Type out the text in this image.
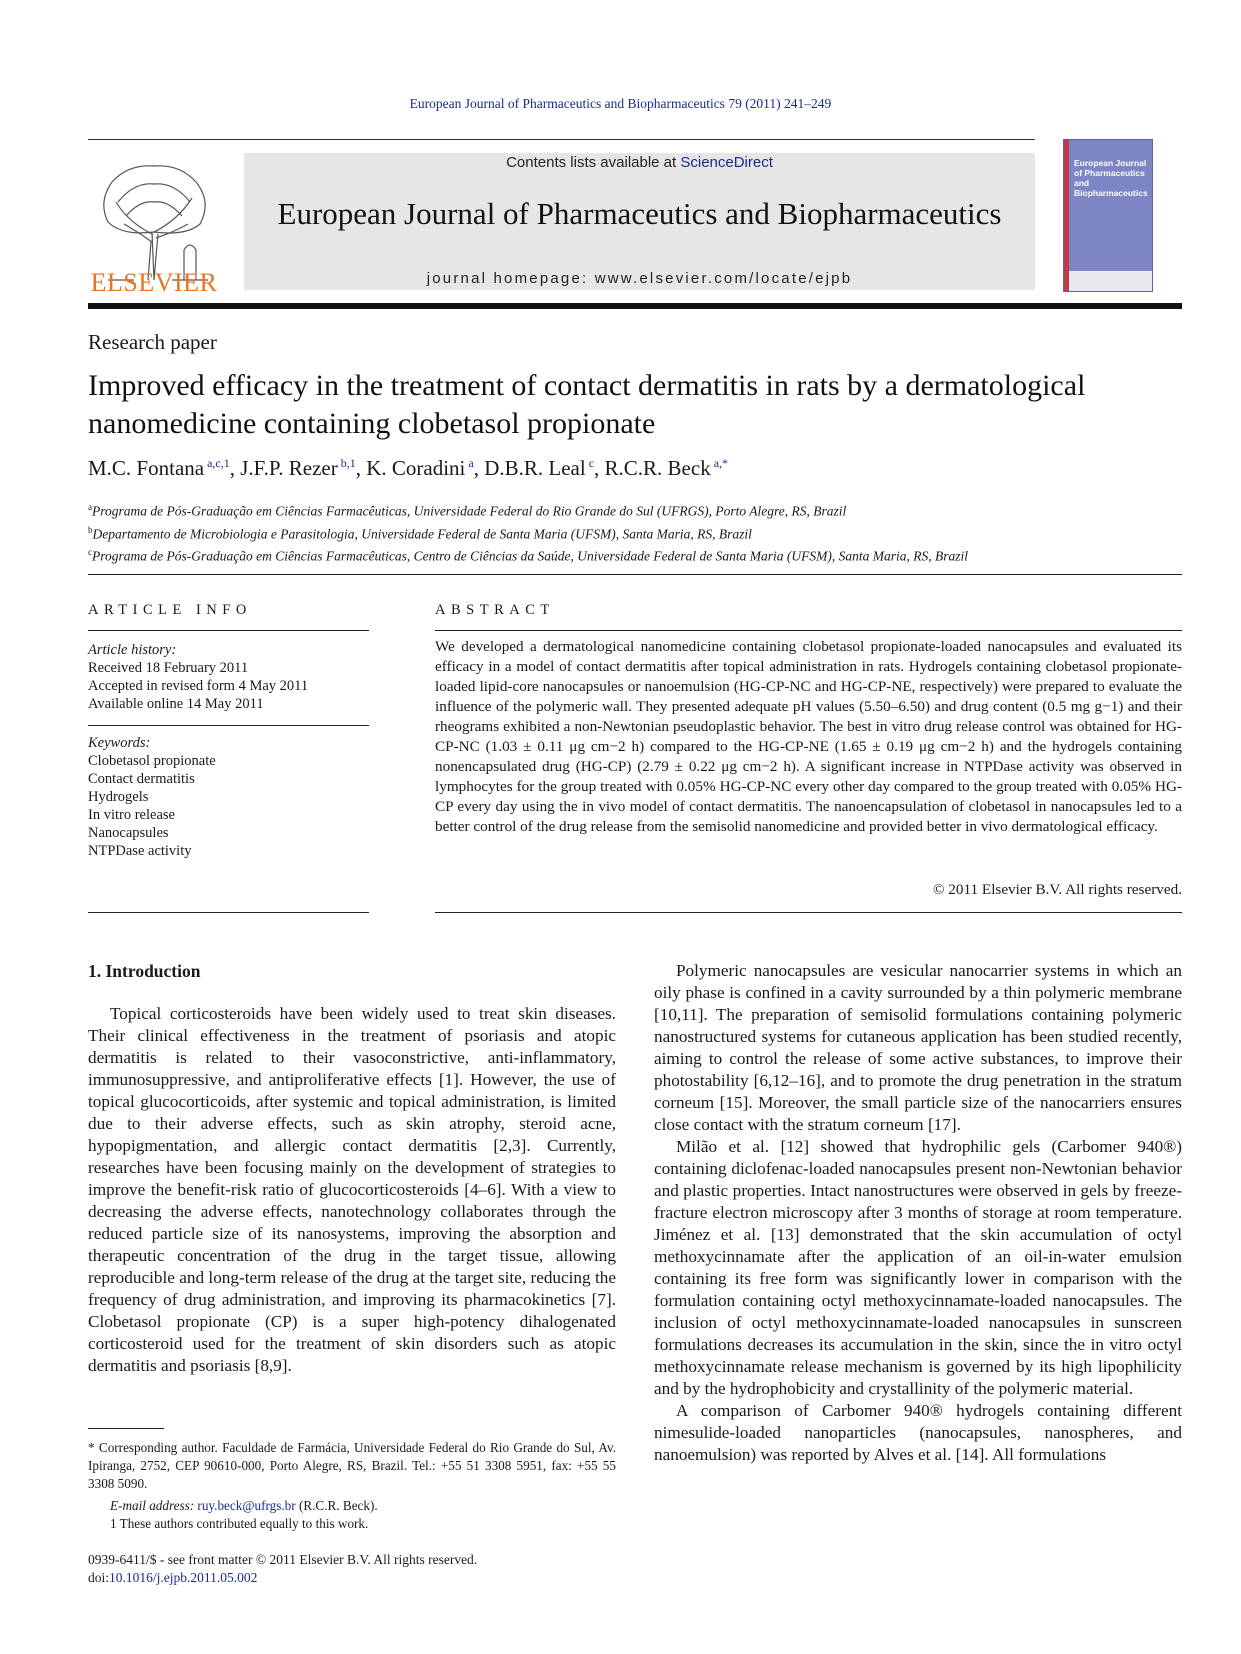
European Journal of Pharmaceutics and Biopharmaceutics 79 (2011) 241–249
ELSEVIER
Contents lists available at ScienceDirect
European Journal of Pharmaceutics and Biopharmaceutics
journal homepage: www.elsevier.com/locate/ejpb
European Journal of Pharmaceutics and Biopharmaceutics
Research paper
Improved efficacy in the treatment of contact dermatitis in rats by a dermatological nanomedicine containing clobetasol propionate
M.C. Fontana $^{a,c,1}$, J.F.P. Rezer $^{b,1}$, K. Coradini $^a$, D.B.R. Leal $^c$, R.C.R. Beck $^{a,*}$
$^a$Programa de Pós-Graduação em Ciências Farmacêuticas, Universidade Federal do Rio Grande do Sul (UFRGS), Porto Alegre, RS, Brazil
$^b$Departamento de Microbiologia e Parasitologia, Universidade Federal de Santa Maria (UFSM), Santa Maria, RS, Brazil
$^c$Programa de Pós-Graduação em Ciências Farmacêuticas, Centro de Ciências da Saúde, Universidade Federal de Santa Maria (UFSM), Santa Maria, RS, Brazil
ARTICLE INFO
Article history:
Received 18 February 2011
Accepted in revised form 4 May 2011
Available online 14 May 2011
Keywords:
Clobetasol propionate
Contact dermatitis
Hydrogels
In vitro release
Nanocapsules
NTPDase activity
ABSTRACT
We developed a dermatological nanomedicine containing clobetasol propionate-loaded nanocapsules and evaluated its efficacy in a model of contact dermatitis after topical administration in rats. Hydrogels containing clobetasol propionate-loaded lipid-core nanocapsules or nanoemulsion (HG-CP-NC and HG-CP-NE, respectively) were prepared to evaluate the influence of the polymeric wall. They presented adequate pH values (5.50–6.50) and drug content (0.5 mg g−1) and their rheograms exhibited a non-Newtonian pseudoplastic behavior. The best in vitro drug release control was obtained for HG-CP-NC (1.03 ± 0.11 μg cm−2 h) compared to the HG-CP-NE (1.65 ± 0.19 μg cm−2 h) and the hydrogels containing nonencapsulated drug (HG-CP) (2.79 ± 0.22 μg cm−2 h). A significant increase in NTPDase activity was observed in lymphocytes for the group treated with 0.05% HG-CP-NC every other day compared to the group treated with 0.05% HG-CP every day using the in vivo model of contact dermatitis. The nanoencapsulation of clobetasol in nanocapsules led to a better control of the drug release from the semisolid nanomedicine and provided better in vivo dermatological efficacy.
© 2011 Elsevier B.V. All rights reserved.
1. Introduction

Topical corticosteroids have been widely used to treat skin diseases. Their clinical effectiveness in the treatment of psoriasis and atopic dermatitis is related to their vasoconstrictive, anti-inflammatory, immunosuppressive, and antiproliferative effects [1]. However, the use of topical glucocorticoids, after systemic and topical administration, is limited due to their adverse effects, such as skin atrophy, steroid acne, hypopigmentation, and allergic contact dermatitis [2,3]. Currently, researches have been focusing mainly on the development of strategies to improve the benefit-risk ratio of glucocorticosteroids [4–6]. With a view to decreasing the adverse effects, nanotechnology collaborates through the reduced particle size of its nanosystems, improving the absorption and therapeutic concentration of the drug in the target tissue, allowing reproducible and long-term release of the drug at the target site, reducing the frequency of drug administration, and improving its pharmacokinetics [7]. Clobetasol propionate (CP) is a super high-potency dihalogenated corticosteroid used for the treatment of skin disorders such as atopic dermatitis and psoriasis [8,9].

Polymeric nanocapsules are vesicular nanocarrier systems in which an oily phase is confined in a cavity surrounded by a thin polymeric membrane [10,11]. The preparation of semisolid formulations containing polymeric nanostructured systems for cutaneous application has been studied recently, aiming to control the release of some active substances, to improve their photostability [6,12–16], and to promote the drug penetration in the stratum corneum [15]. Moreover, the small particle size of the nanocarriers ensures close contact with the stratum corneum [17].

Milão et al. [12] showed that hydrophilic gels (Carbomer 940®) containing diclofenac-loaded nanocapsules present non-Newtonian behavior and plastic properties. Intact nanostructures were observed in gels by freeze-fracture electron microscopy after 3 months of storage at room temperature. Jiménez et al. [13] demonstrated that the skin accumulation of octyl methoxycinnamate after the application of an oil-in-water emulsion containing its free form was significantly lower in comparison with the formulation containing octyl methoxycinnamate-loaded nanocapsules. The inclusion of octyl methoxycinnamate-loaded nanocapsules in sunscreen formulations decreases its accumulation in the skin, since the in vitro octyl methoxycinnamate release mechanism is governed by its high lipophilicity and by the hydrophobicity and crystallinity of the polymeric material.

A comparison of Carbomer 940® hydrogels containing different nimesulide-loaded nanoparticles (nanocapsules, nanospheres, and nanoemulsion) was reported by Alves et al. [14]. All formulations

* Corresponding author. Faculdade de Farmácia, Universidade Federal do Rio Grande do Sul, Av. Ipiranga, 2752, CEP 90610-000, Porto Alegre, RS, Brazil. Tel.: +55 51 3308 5951, fax: +55 55 3308 5090.

E-mail address: ruy.beck@ufrgs.br (R.C.R. Beck).

1 These authors contributed equally to this work.

0939-6411/$ - see front matter © 2011 Elsevier B.V. All rights reserved.
doi:10.1016/j.ejpb.2011.05.002
